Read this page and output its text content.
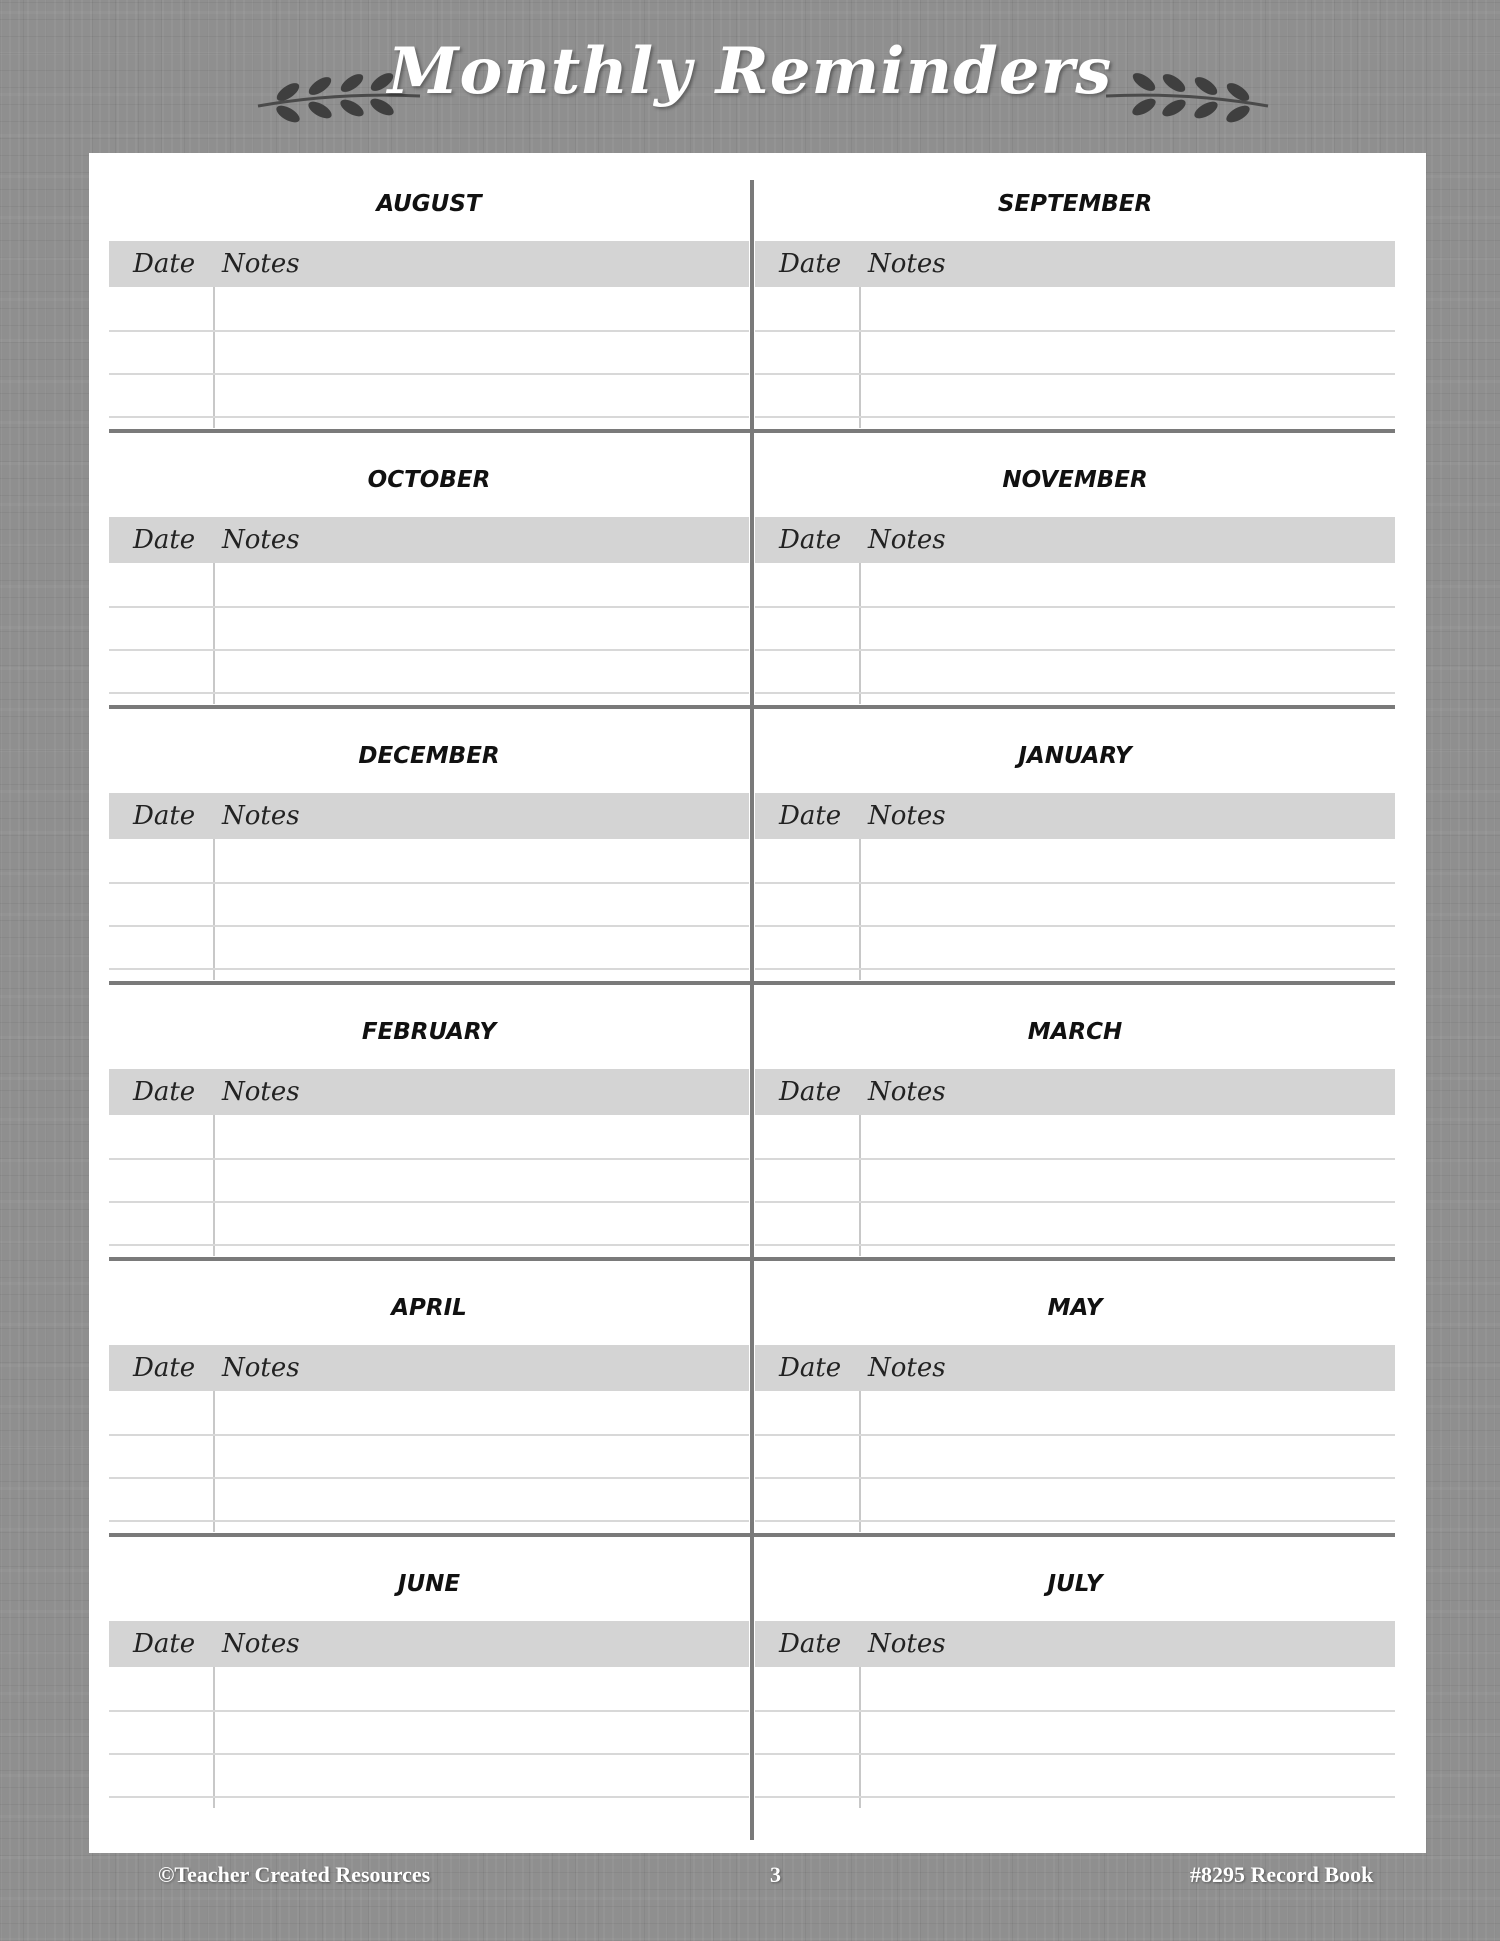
Monthly Reminders
AUGUST
Date Notes
SEPTEMBER
Date Notes
OCTOBER
Date Notes
NOVEMBER
Date Notes
DECEMBER
Date Notes
JANUARY
Date Notes
FEBRUARY
Date Notes
MARCH
Date Notes
APRIL
Date Notes
MAY
Date Notes
JUNE
Date Notes
JULY
Date Notes
©Teacher Created Resources	3	#8295 Record Book
